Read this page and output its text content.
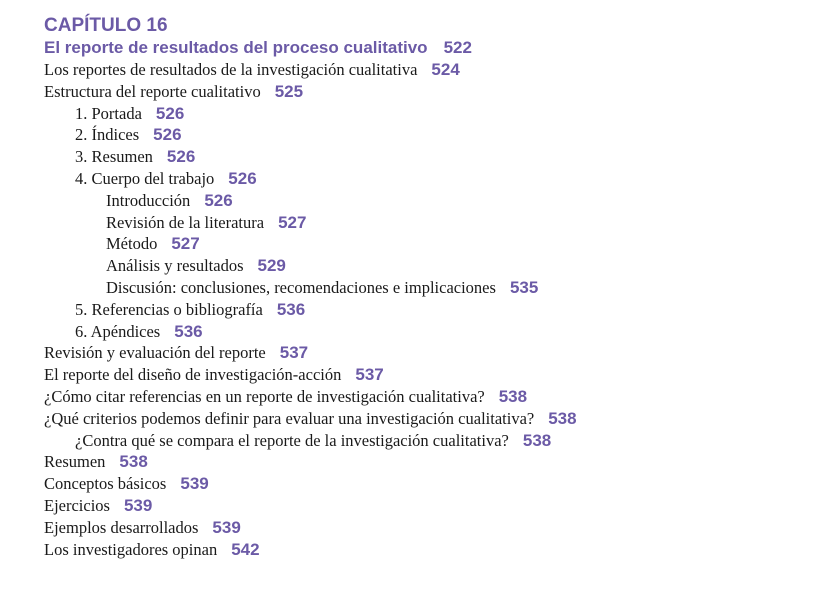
CAPÍTULO 16
El reporte de resultados del proceso cualitativo 522
Los reportes de resultados de la investigación cualitativa 524
Estructura del reporte cualitativo 525
1. Portada 526
2. Índices 526
3. Resumen 526
4. Cuerpo del trabajo 526
Introducción 526
Revisión de la literatura 527
Método 527
Análisis y resultados 529
Discusión: conclusiones, recomendaciones e implicaciones 535
5. Referencias o bibliografía 536
6. Apéndices 536
Revisión y evaluación del reporte 537
El reporte del diseño de investigación-acción 537
¿Cómo citar referencias en un reporte de investigación cualitativa? 538
¿Qué criterios podemos definir para evaluar una investigación cualitativa? 538
¿Contra qué se compara el reporte de la investigación cualitativa? 538
Resumen 538
Conceptos básicos 539
Ejercicios 539
Ejemplos desarrollados 539
Los investigadores opinan 542
